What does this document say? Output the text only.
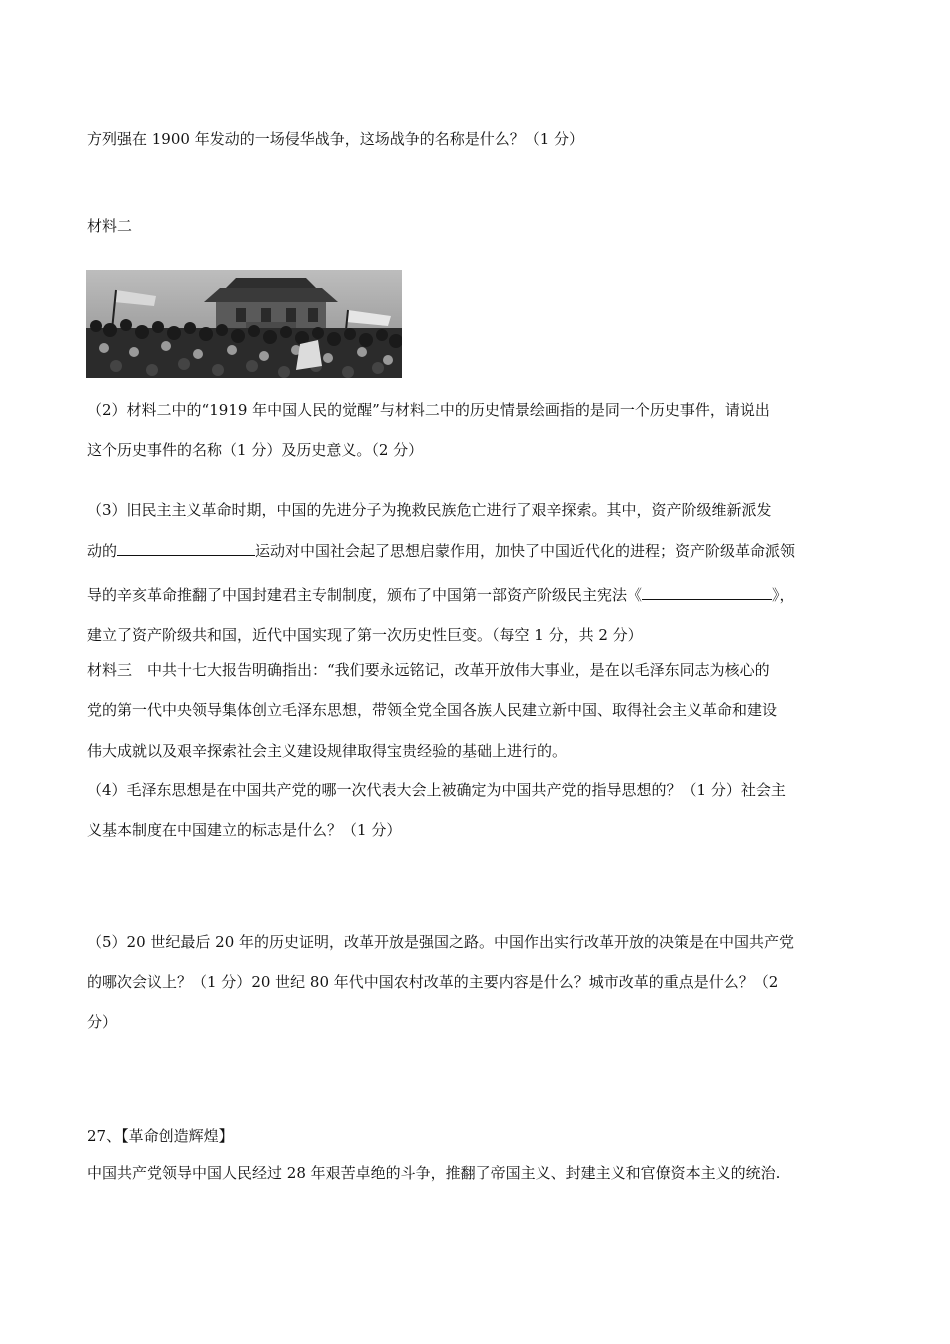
方列强在 1900 年发动的一场侵华战争，这场战争的名称是什么？（1 分）
材料二
（2）材料二中的“1919 年中国人民的觉醒”与材料二中的历史情景绘画指的是同一个历史事件，请说出
这个历史事件的名称（1 分）及历史意义。（2 分）
（3）旧民主主义革命时期，中国的先进分子为挽救民族危亡进行了艰辛探索。其中，资产阶级维新派发
动的	运动对中国社会起了思想启蒙作用，加快了中国近代化的进程；资产阶级革命派领
导的辛亥革命推翻了中国封建君主专制制度，颁布了中国第一部资产阶级民主宪法《	》，
建立了资产阶级共和国，近代中国实现了第一次历史性巨变。（每空 1 分，共 2 分）
材料三　中共十七大报告明确指出：“我们要永远铭记，改革开放伟大事业，是在以毛泽东同志为核心的
党的第一代中央领导集体创立毛泽东思想，带领全党全国各族人民建立新中国、取得社会主义革命和建设
伟大成就以及艰辛探索社会主义建设规律取得宝贵经验的基础上进行的。
（4）毛泽东思想是在中国共产党的哪一次代表大会上被确定为中国共产党的指导思想的？（1 分）社会主
义基本制度在中国建立的标志是什么？（1 分）
（5）20 世纪最后 20 年的历史证明，改革开放是强国之路。中国作出实行改革开放的决策是在中国共产党
的哪次会议上？（1 分）20 世纪 80 年代中国农村改革的主要内容是什么？城市改革的重点是什么？（2
分）
27、【革命创造辉煌】
中国共产党领导中国人民经过 28 年艰苦卓绝的斗争，推翻了帝国主义、封建主义和官僚资本主义的统治.
